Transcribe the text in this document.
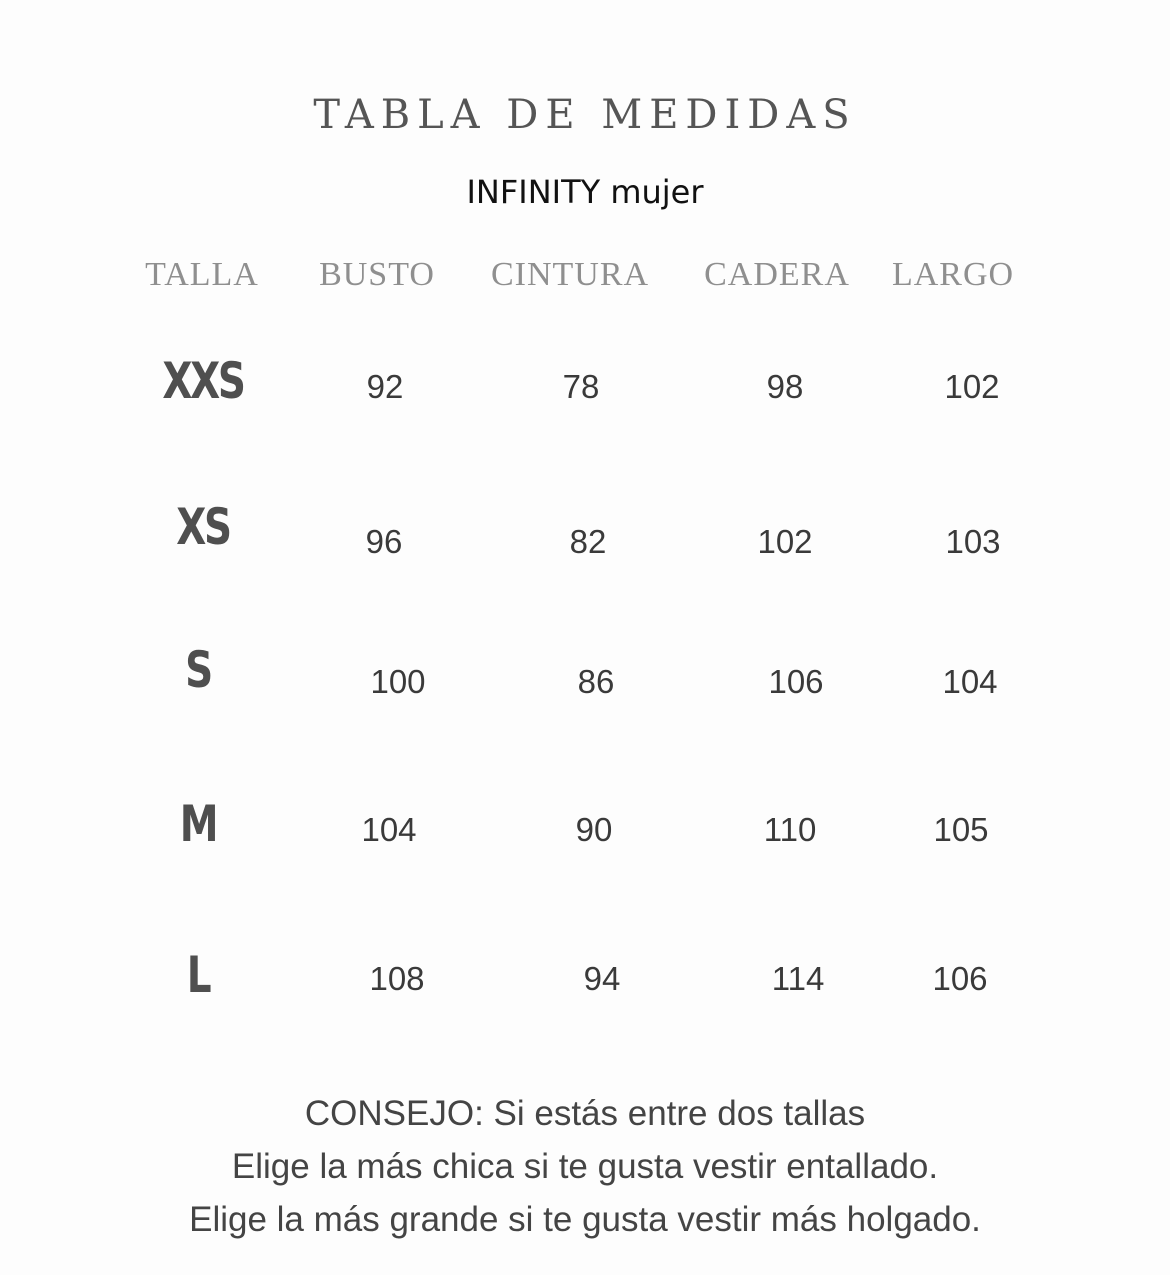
TABLA DE MEDIDAS
INFINITY mujer
TALLA BUSTO CINTURA CADERA LARGO
XXS	92	78	98	102
XS	96	82	102	103
S	100	86	106	104
M	104	90	110	105
L	108	94	114	106
CONSEJO: Si estás entre dos tallas
Elige la más chica si te gusta vestir entallado.
Elige la más grande si te gusta vestir más holgado.
